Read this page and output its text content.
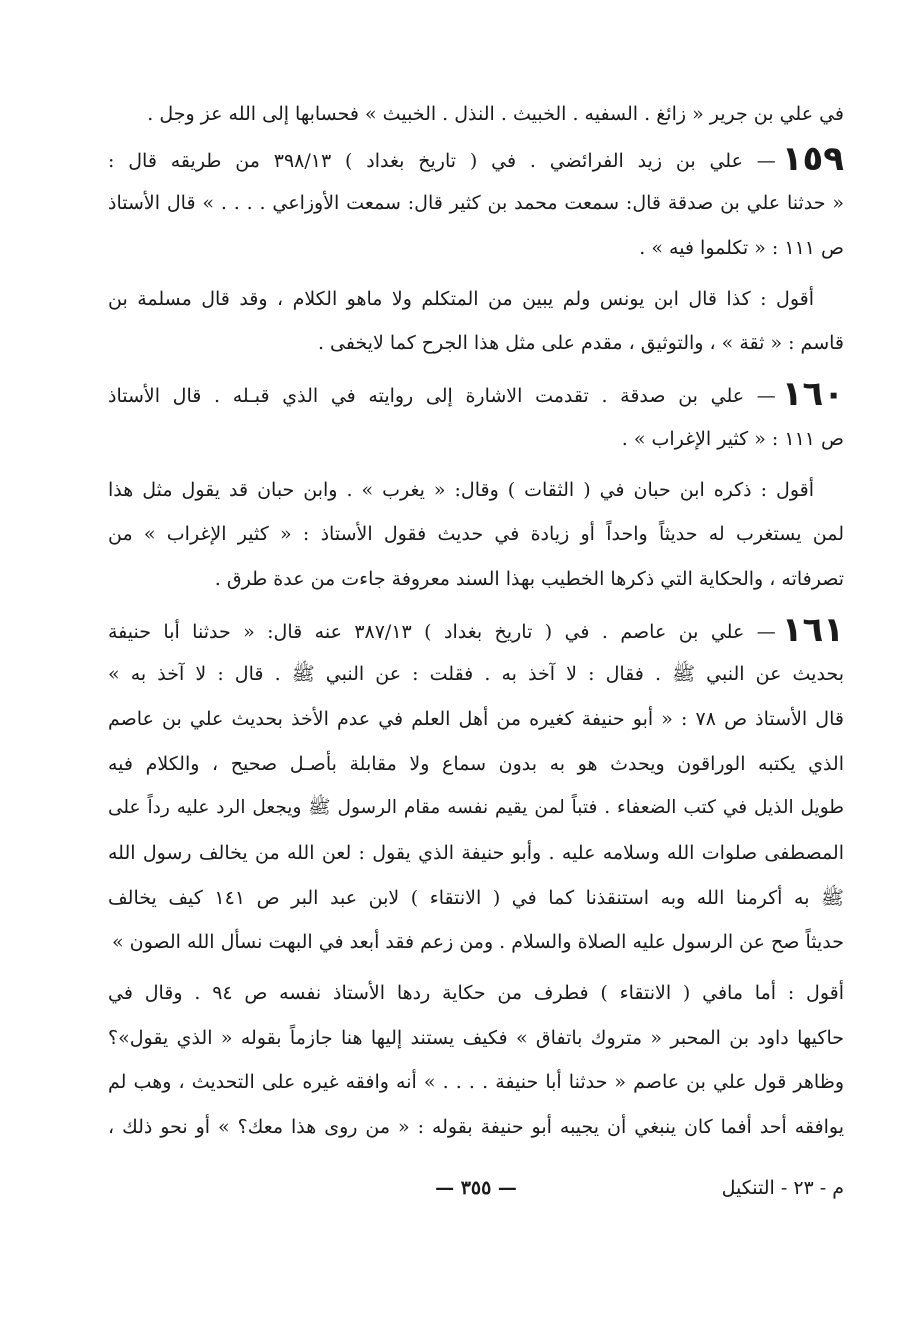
في علي بن جرير « زائغ . السفيه . الخبيث . النذل . الخبيث » فحسابها إلى الله عز وجل .
١٥٩— علي بن زيد الفرائضي . في ( تاريخ بغداد ) ٣٩٨/١٣ من طريقه قال :
« حدثنا علي بن صدقة قال: سمعت محمد بن كثير قال: سمعت الأوزاعي . . . . » قال الأستاذ
ص ١١١ : « تكلموا فيه » .
أقول : كذا قال ابن يونس ولم يبين من المتكلم ولا ماهو الكلام ، وقد قال مسلمة بن
قاسم : « ثقة » ، والتوثيق ، مقدم على مثل هذا الجرح كما لايخفى .
١٦٠— علي بن صدقة . تقدمت الاشارة إلى روايته في الذي قبـله . قال الأستاذ
ص ١١١ : « كثير الإغراب » .
أقول : ذكره ابن حبان في ( الثقات ) وقال: « يغرب » . وابن حبان قد يقول مثل هذا
لمن يستغرب له حديثاً واحداً أو زيادة في حديث فقول الأستاذ : « كثير الإغراب » من
تصرفاته ، والحكاية التي ذكرها الخطيب بهذا السند معروفة جاءت من عدة طرق .
١٦١— علي بن عاصم . في ( تاريخ بغداد ) ٣٨٧/١٣ عنه قال: « حدثنا أبا حنيفة
بحديث عن النبي ﷺ . فقال : لا آخذ به . فقلت : عن النبي ﷺ . قال : لا آخذ به »
قال الأستاذ ص ٧٨ : « أبو حنيفة كغيره من أهل العلم في عدم الأخذ بحديث علي بن عاصم
الذي يكتبه الوراقون ويحدث هو به بدون سماع ولا مقابلة بأصـل صحيح ، والكلام فيه
طويل الذيل في كتب الضعفاء . فتباً لمن يقيم نفسه مقام الرسول ﷺ ويجعل الرد عليه رداً على
المصطفى صلوات الله وسلامه عليه . وأبو حنيفة الذي يقول : لعن الله من يخالف رسول الله
ﷺ به أكرمنا الله وبه استنقذنا كما في ( الانتقاء ) لابن عبد البر ص ١٤١ كيف يخالف
حديثاً صح عن الرسول عليه الصلاة والسلام . ومن زعم فقد أبعد في البهت نسأل الله الصون »
أقول : أما مافي ( الانتقاء ) فطرف من حكاية ردها الأستاذ نفسه ص ٩٤ . وقال في
حاكيها داود بن المحبر « متروك باتفاق » فكيف يستند إليها هنا جازماً بقوله « الذي يقول»؟
وظاهر قول علي بن عاصم « حدثنا أبا حنيفة . . . . » أنه وافقه غيره على التحديث ، وهب لم
يوافقه أحد أفما كان ينبغي أن يجيبه أبو حنيفة بقوله : « من روى هذا معك؟ » أو نحو ذلك ،
م - ٢٣ - التنكيل
— ٣٥٥ —
